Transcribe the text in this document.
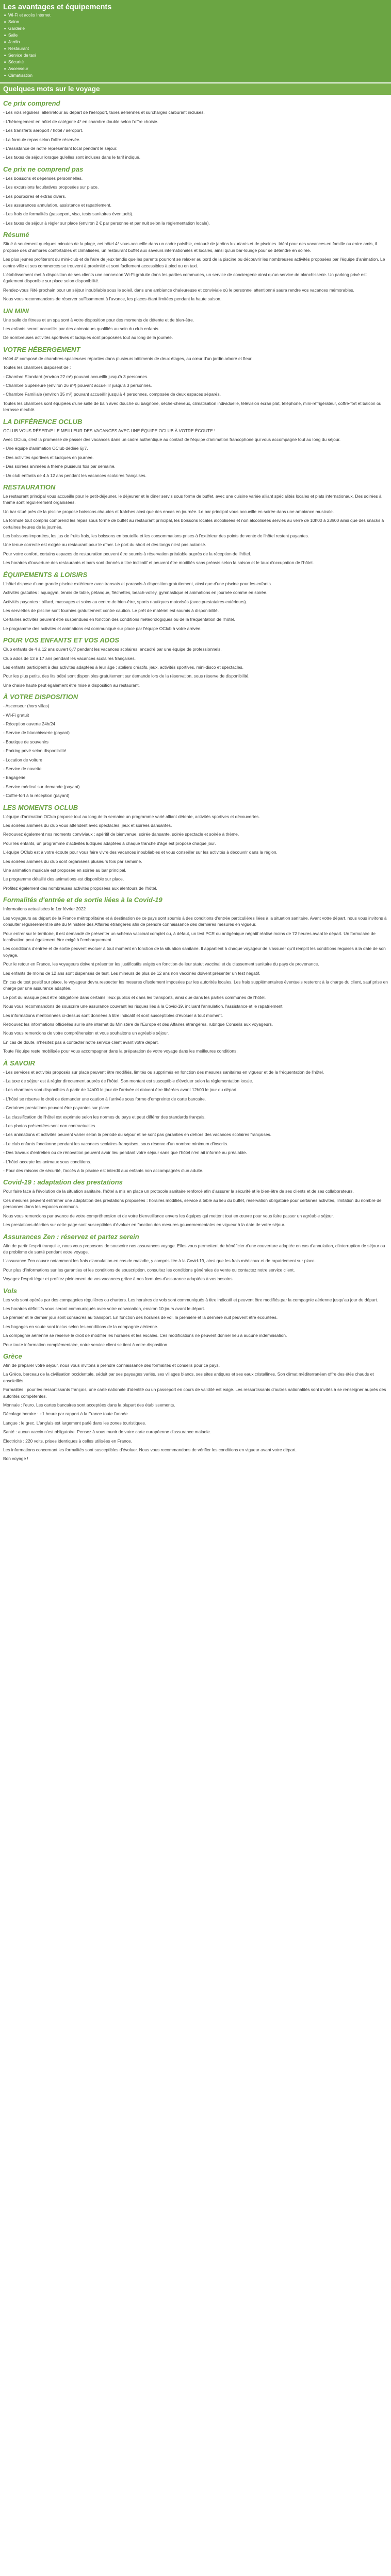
Les avantages et équipements
■ Wi-Fi et accès Internet
■ Salon
■ Garderie
■ Salle
■ Jardin
■ Restaurant
■ Service de taxi
■ Sécurité
■ Ascenseur
■ Climatisation
Quelques mots sur le voyage
Ce prix comprend

- Les vols réguliers, aller/retour au départ de l'aéroport, taxes aériennes et surcharges carburant incluses.

- L'hébergement en hôtel de catégorie 4* en chambre double selon l'offre choisie.

- Les transferts aéroport / hôtel / aéroport.

- La formule repas selon l'offre réservée.

- L'assistance de notre représentant local pendant le séjour.

- Les taxes de séjour lorsque qu'elles sont incluses dans le tarif indiqué.

Ce prix ne comprend pas

- Les boissons et dépenses personnelles.

- Les excursions facultatives proposées sur place.

- Les pourboires et extras divers.

- Les assurances annulation, assistance et rapatriement.

- Les frais de formalités (passeport, visa, tests sanitaires éventuels).

- Les taxes de séjour à régler sur place (environ 2 € par personne et par nuit selon la réglementation locale).

Résumé

Situé à seulement quelques minutes de la plage, cet hôtel 4* vous accueille dans un cadre paisible, entouré de jardins luxuriants et de piscines. Idéal pour des vacances en famille ou entre amis, il propose des chambres confortables et climatisées, un restaurant buffet aux saveurs internationales et locales, ainsi qu'un bar-lounge pour se détendre en soirée.

Les plus jeunes profiteront du mini-club et de l'aire de jeux tandis que les parents pourront se relaxer au bord de la piscine ou découvrir les nombreuses activités proposées par l'équipe d'animation. Le centre-ville et ses commerces se trouvent à proximité et sont facilement accessibles à pied ou en taxi.

L'établissement met à disposition de ses clients une connexion Wi-Fi gratuite dans les parties communes, un service de conciergerie ainsi qu'un service de blanchisserie. Un parking privé est également disponible sur place selon disponibilité.

Rendez-vous l'été prochain pour un séjour inoubliable sous le soleil, dans une ambiance chaleureuse et conviviale où le personnel attentionné saura rendre vos vacances mémorables.

Nous vous recommandons de réserver suffisamment à l'avance, les places étant limitées pendant la haute saison.

UN MINI

Une salle de fitness et un spa sont à votre disposition pour des moments de détente et de bien-être.

Les enfants seront accueillis par des animateurs qualifiés au sein du club enfants.

De nombreuses activités sportives et ludiques sont proposées tout au long de la journée.

VOTRE HÉBERGEMENT

Hôtel 4* composé de chambres spacieuses réparties dans plusieurs bâtiments de deux étages, au cœur d'un jardin arboré et fleuri.

Toutes les chambres disposent de :

- Chambre Standard (environ 22 m²) pouvant accueillir jusqu'à 3 personnes.

- Chambre Supérieure (environ 26 m²) pouvant accueillir jusqu'à 3 personnes.

- Chambre Familiale (environ 35 m²) pouvant accueillir jusqu'à 4 personnes, composée de deux espaces séparés.

Toutes les chambres sont équipées d'une salle de bain avec douche ou baignoire, sèche-cheveux, climatisation individuelle, télévision écran plat, téléphone, mini-réfrigérateur, coffre-fort et balcon ou terrasse meublé.

LA DIFFÉRENCE OCLUB

OCLUB VOUS RÉSERVE LE MEILLEUR DES VACANCES AVEC UNE ÉQUIPE OCLUB À VOTRE ÉCOUTE !

Avec OClub, c'est la promesse de passer des vacances dans un cadre authentique au contact de l'équipe d'animation francophone qui vous accompagne tout au long du séjour.

- Une équipe d'animation OClub dédiée 6j/7.

- Des activités sportives et ludiques en journée.

- Des soirées animées à thème plusieurs fois par semaine.

- Un club enfants de 4 à 12 ans pendant les vacances scolaires françaises.

RESTAURATION

Le restaurant principal vous accueille pour le petit-déjeuner, le déjeuner et le dîner servis sous forme de buffet, avec une cuisine variée alliant spécialités locales et plats internationaux. Des soirées à thème sont régulièrement organisées.

Un bar situé près de la piscine propose boissons chaudes et fraîches ainsi que des encas en journée. Le bar principal vous accueille en soirée dans une ambiance musicale.

La formule tout compris comprend les repas sous forme de buffet au restaurant principal, les boissons locales alcoolisées et non alcoolisées servies au verre de 10h00 à 23h00 ainsi que des snacks à certaines heures de la journée.

Les boissons importées, les jus de fruits frais, les boissons en bouteille et les consommations prises à l'extérieur des points de vente de l'hôtel restent payantes.

Une tenue correcte est exigée au restaurant pour le dîner. Le port du short et des tongs n'est pas autorisé.

Pour votre confort, certains espaces de restauration peuvent être soumis à réservation préalable auprès de la réception de l'hôtel.

Les horaires d'ouverture des restaurants et bars sont donnés à titre indicatif et peuvent être modifiés sans préavis selon la saison et le taux d'occupation de l'hôtel.

ÉQUIPEMENTS & LOISIRS

L'hôtel dispose d'une grande piscine extérieure avec transats et parasols à disposition gratuitement, ainsi que d'une piscine pour les enfants.

Activités gratuites : aquagym, tennis de table, pétanque, fléchettes, beach-volley, gymnastique et animations en journée comme en soirée.

Activités payantes : billard, massages et soins au centre de bien-être, sports nautiques motorisés (avec prestataires extérieurs).

Les serviettes de piscine sont fournies gratuitement contre caution. Le prêt de matériel est soumis à disponibilité.

Certaines activités peuvent être suspendues en fonction des conditions météorologiques ou de la fréquentation de l'hôtel.

Le programme des activités et animations est communiqué sur place par l'équipe OClub à votre arrivée.

POUR VOS ENFANTS ET VOS ADOS

Club enfants de 4 à 12 ans ouvert 6j/7 pendant les vacances scolaires, encadré par une équipe de professionnels.

Club ados de 13 à 17 ans pendant les vacances scolaires françaises.

Les enfants participent à des activités adaptées à leur âge : ateliers créatifs, jeux, activités sportives, mini-disco et spectacles.

Pour les plus petits, des lits bébé sont disponibles gratuitement sur demande lors de la réservation, sous réserve de disponibilité.

Une chaise haute peut également être mise à disposition au restaurant.

À VOTRE DISPOSITION

- Ascenseur (hors villas)

- Wi-Fi gratuit

- Réception ouverte 24h/24

- Service de blanchisserie (payant)

- Boutique de souvenirs

- Parking privé selon disponibilité

- Location de voiture

- Service de navette

- Bagagerie

- Service médical sur demande (payant)

- Coffre-fort à la réception (payant)

LES MOMENTS OCLUB

L'équipe d'animation OClub propose tout au long de la semaine un programme varié alliant détente, activités sportives et découvertes.

Les soirées animées du club vous attendent avec spectacles, jeux et soirées dansantes.

Retrouvez également nos moments conviviaux : apéritif de bienvenue, soirée dansante, soirée spectacle et soirée à thème.

Pour les enfants, un programme d'activités ludiques adaptées à chaque tranche d'âge est proposé chaque jour.

L'équipe OClub est à votre écoute pour vous faire vivre des vacances inoubliables et vous conseiller sur les activités à découvrir dans la région.

Les soirées animées du club sont organisées plusieurs fois par semaine.

Une animation musicale est proposée en soirée au bar principal.

Le programme détaillé des animations est disponible sur place.

Profitez également des nombreuses activités proposées aux alentours de l'hôtel.

Formalités d'entrée et de sortie liées à la Covid-19

Informations actualisées le 1er février 2022

Les voyageurs au départ de la France métropolitaine et à destination de ce pays sont soumis à des conditions d'entrée particulières liées à la situation sanitaire. Avant votre départ, nous vous invitons à consulter régulièrement le site du Ministère des Affaires étrangères afin de prendre connaissance des dernières mesures en vigueur.

Pour entrer sur le territoire, il est demandé de présenter un schéma vaccinal complet ou, à défaut, un test PCR ou antigénique négatif réalisé moins de 72 heures avant le départ. Un formulaire de localisation peut également être exigé à l'embarquement.

Les conditions d'entrée et de sortie peuvent évoluer à tout moment en fonction de la situation sanitaire. Il appartient à chaque voyageur de s'assurer qu'il remplit les conditions requises à la date de son voyage.

Pour le retour en France, les voyageurs doivent présenter les justificatifs exigés en fonction de leur statut vaccinal et du classement sanitaire du pays de provenance.

Les enfants de moins de 12 ans sont dispensés de test. Les mineurs de plus de 12 ans non vaccinés doivent présenter un test négatif.

En cas de test positif sur place, le voyageur devra respecter les mesures d'isolement imposées par les autorités locales. Les frais supplémentaires éventuels resteront à la charge du client, sauf prise en charge par une assurance adaptée.

Le port du masque peut être obligatoire dans certains lieux publics et dans les transports, ainsi que dans les parties communes de l'hôtel.

Nous vous recommandons de souscrire une assurance couvrant les risques liés à la Covid-19, incluant l'annulation, l'assistance et le rapatriement.

Les informations mentionnées ci-dessus sont données à titre indicatif et sont susceptibles d'évoluer à tout moment.

Retrouvez les informations officielles sur le site internet du Ministère de l'Europe et des Affaires étrangères, rubrique Conseils aux voyageurs.

Nous vous remercions de votre compréhension et vous souhaitons un agréable séjour.

En cas de doute, n'hésitez pas à contacter notre service client avant votre départ.

Toute l'équipe reste mobilisée pour vous accompagner dans la préparation de votre voyage dans les meilleures conditions.

À SAVOIR

- Les services et activités proposés sur place peuvent être modifiés, limités ou supprimés en fonction des mesures sanitaires en vigueur et de la fréquentation de l'hôtel.

- La taxe de séjour est à régler directement auprès de l'hôtel. Son montant est susceptible d'évoluer selon la réglementation locale.

- Les chambres sont disponibles à partir de 14h00 le jour de l'arrivée et doivent être libérées avant 12h00 le jour du départ.

- L'hôtel se réserve le droit de demander une caution à l'arrivée sous forme d'empreinte de carte bancaire.

- Certaines prestations peuvent être payantes sur place.

- La classification de l'hôtel est exprimée selon les normes du pays et peut différer des standards français.

- Les photos présentées sont non contractuelles.

- Les animations et activités peuvent varier selon la période du séjour et ne sont pas garanties en dehors des vacances scolaires françaises.

- Le club enfants fonctionne pendant les vacances scolaires françaises, sous réserve d'un nombre minimum d'inscrits.

- Des travaux d'entretien ou de rénovation peuvent avoir lieu pendant votre séjour sans que l'hôtel n'en ait informé au préalable.

- L'hôtel accepte les animaux sous conditions.

- Pour des raisons de sécurité, l'accès à la piscine est interdit aux enfants non accompagnés d'un adulte.

Covid-19 : adaptation des prestations

Pour faire face à l'évolution de la situation sanitaire, l'hôtel a mis en place un protocole sanitaire renforcé afin d'assurer la sécurité et le bien-être de ses clients et de ses collaborateurs.

Ces mesures peuvent entraîner une adaptation des prestations proposées : horaires modifiés, service à table au lieu du buffet, réservation obligatoire pour certaines activités, limitation du nombre de personnes dans les espaces communs.

Nous vous remercions par avance de votre compréhension et de votre bienveillance envers les équipes qui mettent tout en œuvre pour vous faire passer un agréable séjour.

Les prestations décrites sur cette page sont susceptibles d'évoluer en fonction des mesures gouvernementales en vigueur à la date de votre séjour.

Assurances Zen : réservez et partez serein

Afin de partir l'esprit tranquille, nous vous proposons de souscrire nos assurances voyage. Elles vous permettent de bénéficier d'une couverture adaptée en cas d'annulation, d'interruption de séjour ou de problème de santé pendant votre voyage.

L'assurance Zen couvre notamment les frais d'annulation en cas de maladie, y compris liée à la Covid-19, ainsi que les frais médicaux et de rapatriement sur place.

Pour plus d'informations sur les garanties et les conditions de souscription, consultez les conditions générales de vente ou contactez notre service client.

Voyagez l'esprit léger et profitez pleinement de vos vacances grâce à nos formules d'assurance adaptées à vos besoins.

Vols

Les vols sont opérés par des compagnies régulières ou charters. Les horaires de vols sont communiqués à titre indicatif et peuvent être modifiés par la compagnie aérienne jusqu'au jour du départ.

Les horaires définitifs vous seront communiqués avec votre convocation, environ 10 jours avant le départ.

Le premier et le dernier jour sont consacrés au transport. En fonction des horaires de vol, la première et la dernière nuit peuvent être écourtées.

Les bagages en soute sont inclus selon les conditions de la compagnie aérienne.

La compagnie aérienne se réserve le droit de modifier les horaires et les escales. Ces modifications ne peuvent donner lieu à aucune indemnisation.

Pour toute information complémentaire, notre service client se tient à votre disposition.

Grèce

Afin de préparer votre séjour, nous vous invitons à prendre connaissance des formalités et conseils pour ce pays.

La Grèce, berceau de la civilisation occidentale, séduit par ses paysages variés, ses villages blancs, ses sites antiques et ses eaux cristallines. Son climat méditerranéen offre des étés chauds et ensoleillés.

Formalités : pour les ressortissants français, une carte nationale d'identité ou un passeport en cours de validité est exigé. Les ressortissants d'autres nationalités sont invités à se renseigner auprès des autorités compétentes.

Monnaie : l'euro. Les cartes bancaires sont acceptées dans la plupart des établissements.

Décalage horaire : +1 heure par rapport à la France toute l'année.

Langue : le grec. L'anglais est largement parlé dans les zones touristiques.

Santé : aucun vaccin n'est obligatoire. Pensez à vous munir de votre carte européenne d'assurance maladie.

Électricité : 220 volts, prises identiques à celles utilisées en France.

Les informations concernant les formalités sont susceptibles d'évoluer. Nous vous recommandons de vérifier les conditions en vigueur avant votre départ.

Bon voyage !
